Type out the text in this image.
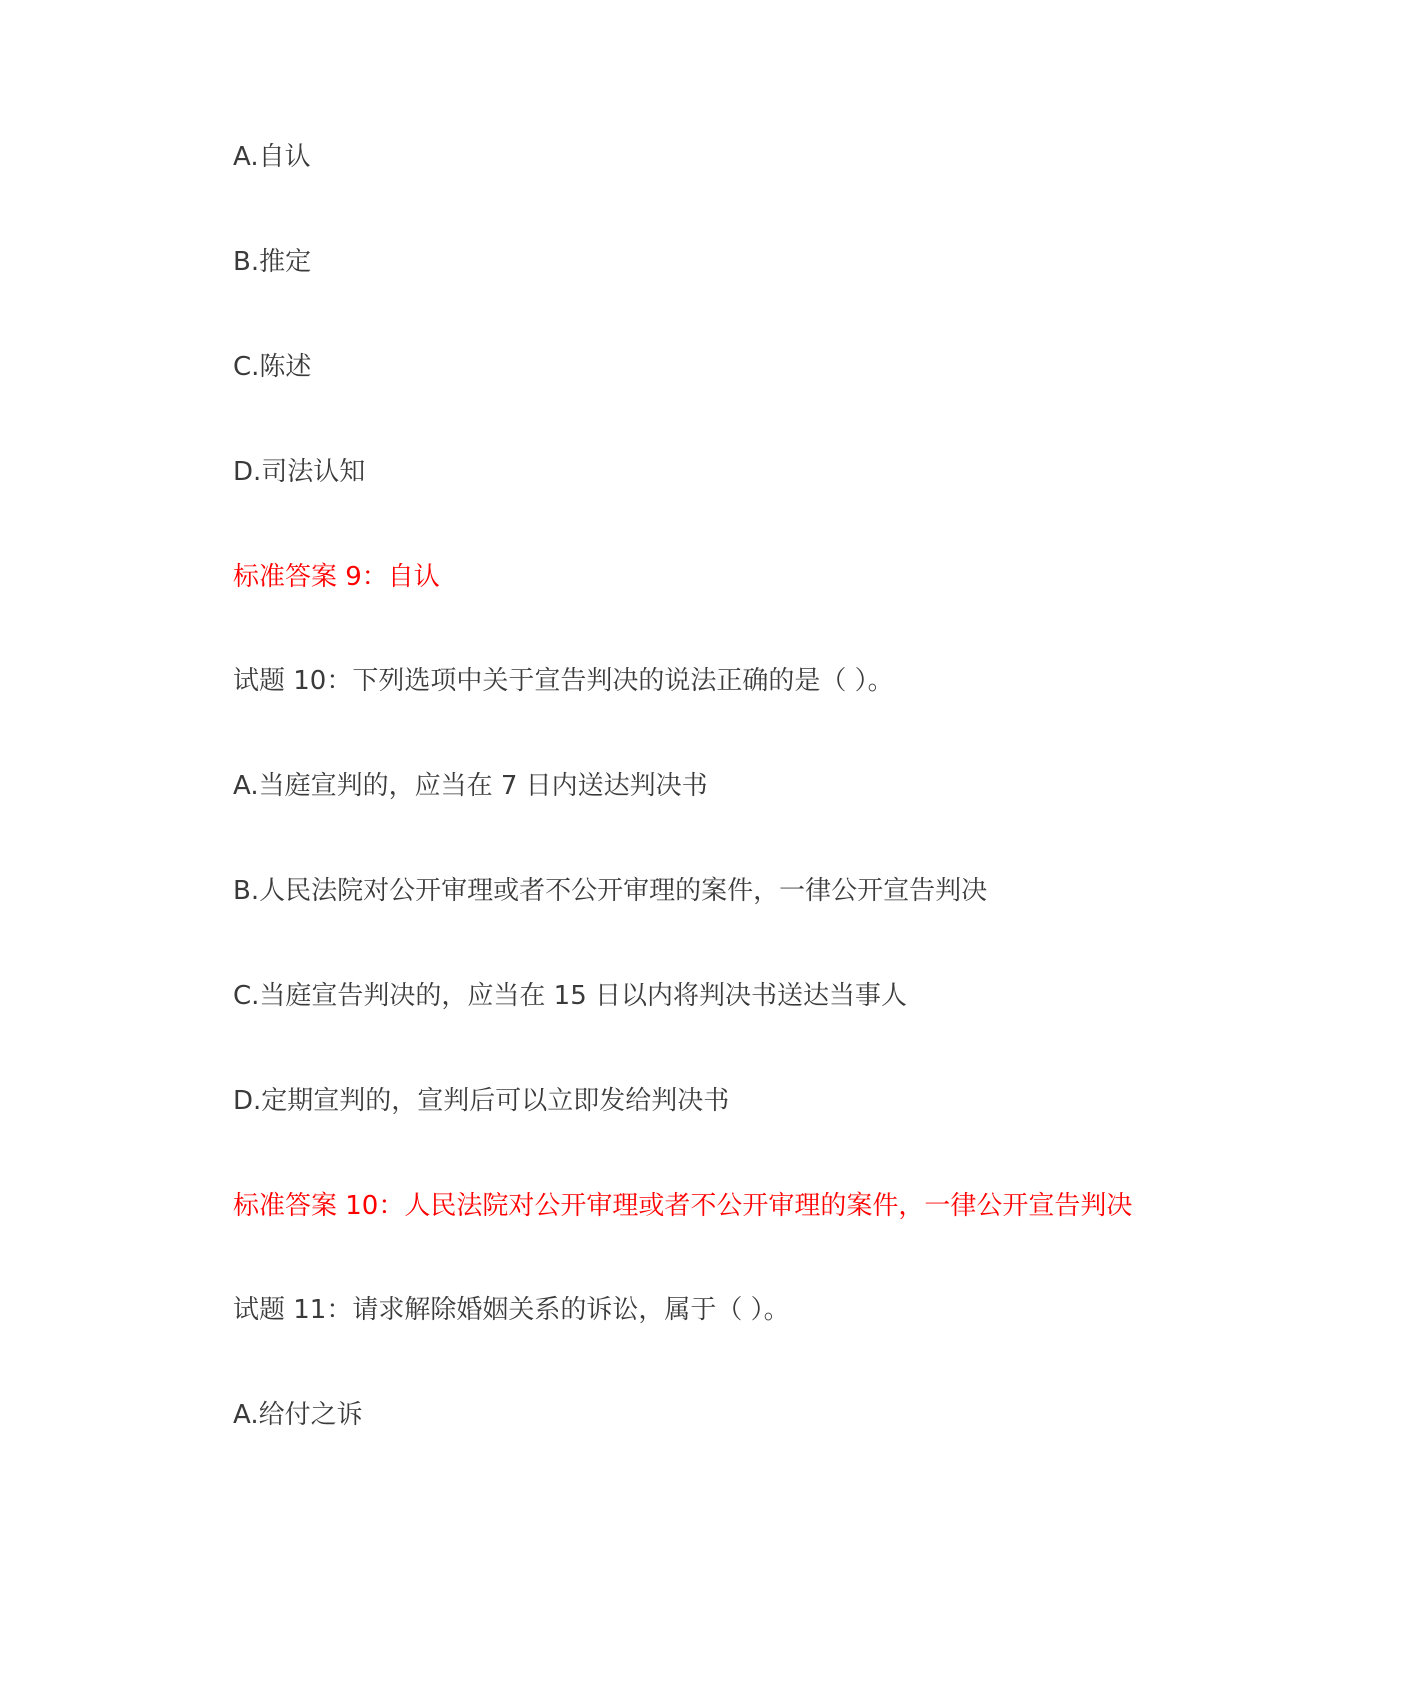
A.自认
B.推定
C.陈述
D.司法认知
标准答案 9：自认
试题 10：下列选项中关于宣告判决的说法正确的是（ ）。
A.当庭宣判的，应当在 7 日内送达判决书
B.人民法院对公开审理或者不公开审理的案件，一律公开宣告判决
C.当庭宣告判决的，应当在 15 日以内将判决书送达当事人
D.定期宣判的，宣判后可以立即发给判决书
标准答案 10：人民法院对公开审理或者不公开审理的案件，一律公开宣告判决
试题 11：请求解除婚姻关系的诉讼，属于（ ）。
A.给付之诉
